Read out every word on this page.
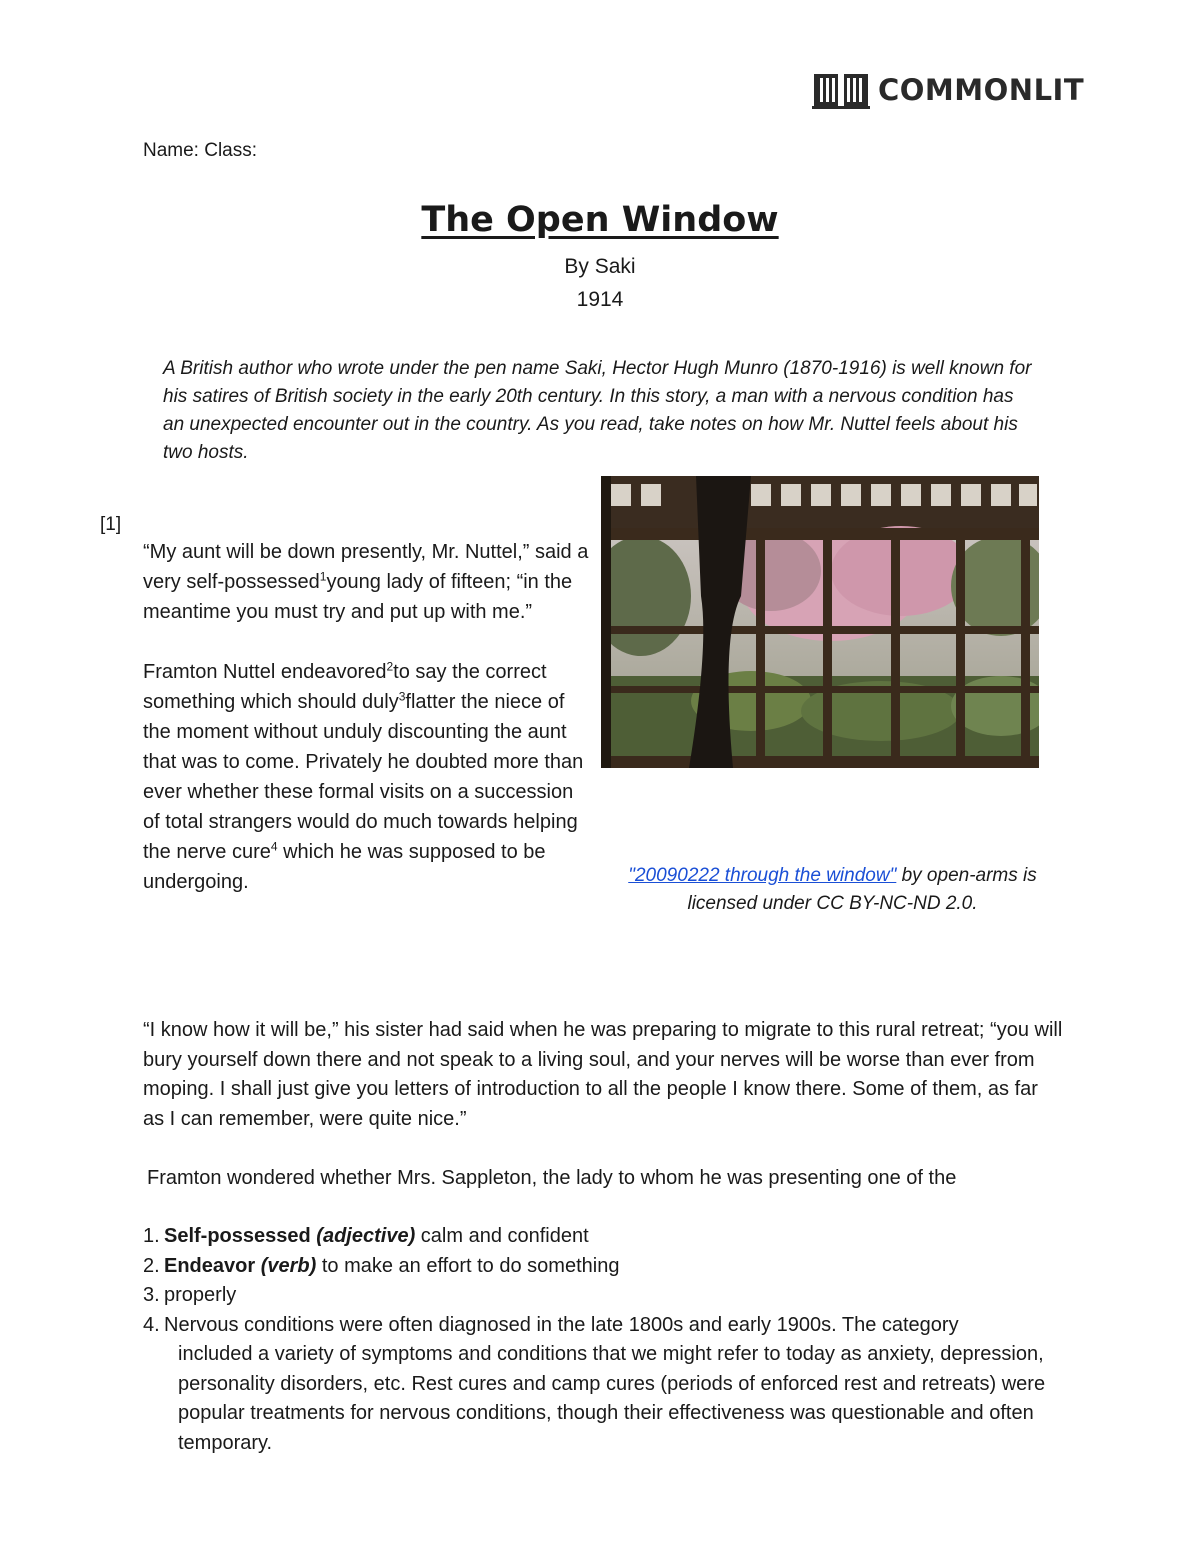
COMMONLIT
Name: Class:
The Open Window
By Saki
1914
A British author who wrote under the pen name Saki, Hector Hugh Munro (1870-1916) is well known for his satires of British society in the early 20th century. In this story, a man with a nervous condition has an unexpected encounter out in the country. As you read, take notes on how Mr. Nuttel feels about his two hosts.
[1]

“My aunt will be down presently, Mr. Nuttel,” said a very self-possessed$^1$young lady of fifteen; “in the meantime you must try and put up with me.”

Framton Nuttel endeavored$^2$to say the correct something which should duly$^3$flatter the niece of the moment without unduly discounting the aunt that was to come. Privately he doubted more than ever whether these formal visits on a succession of total strangers would do much towards helping the nerve cure$^4$ which he was supposed to be undergoing.	"20090222 through the window" by open-arms is licensed under CC BY-NC-ND 2.0.
“I know how it will be,” his sister had said when he was preparing to migrate to this rural retreat; “you will bury yourself down there and not speak to a living soul, and your nerves will be worse than ever from moping. I shall just give you letters of introduction to all the people I know there. Some of them, as far as I can remember, were quite nice.”
Framton wondered whether Mrs. Sappleton, the lady to whom he was presenting one of the
1. Self-possessed (adjective) calm and confident
2. Endeavor (verb) to make an effort to do something
3. properly
4. Nervous conditions were often diagnosed in the late 1800s and early 1900s. The category
included a variety of symptoms and conditions that we might refer to today as anxiety, depression, personality disorders, etc. Rest cures and camp cures (periods of enforced rest and retreats) were popular treatments for nervous conditions, though their effectiveness was questionable and often temporary.
